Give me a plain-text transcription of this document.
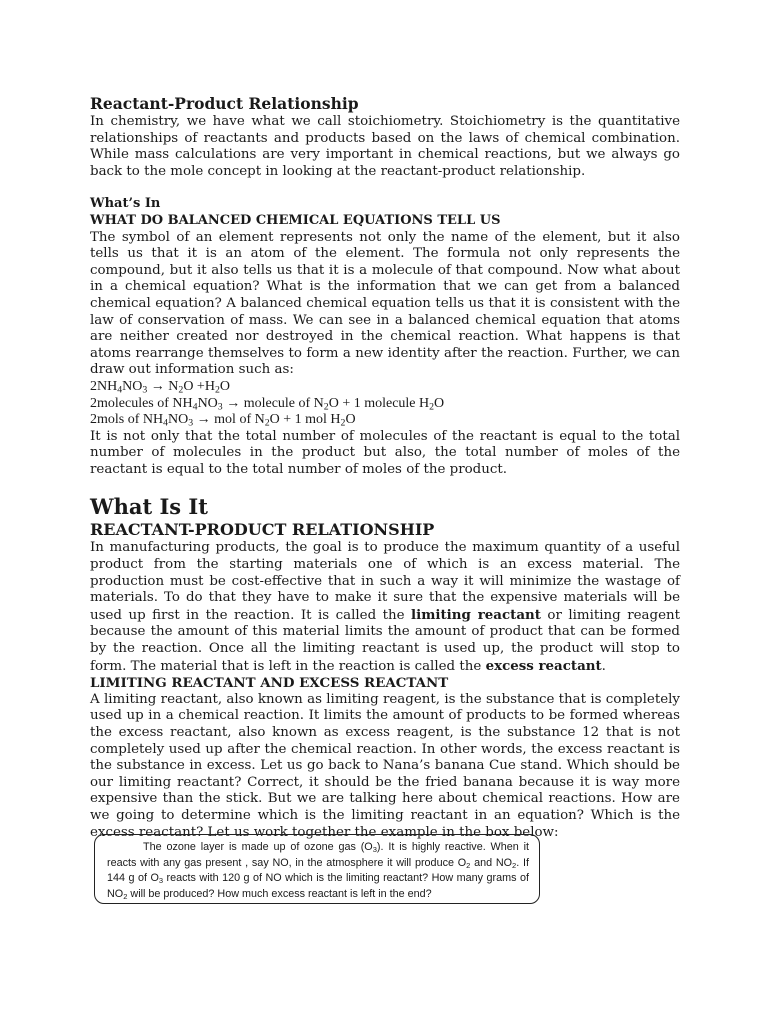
Reactant-Product Relationship

In chemistry, we have what we call stoichiometry. Stoichiometry is the quantitative relationships of reactants and products based on the laws of chemical combination. While mass calculations are very important in chemical reactions, but we always go back to the mole concept in looking at the reactant-product relationship.

What’s In

WHAT DO BALANCED CHEMICAL EQUATIONS TELL US

The symbol of an element represents not only the name of the element, but it also tells us that it is an atom of the element. The formula not only represents the compound, but it also tells us that it is a molecule of that compound. Now what about in a chemical equation? What is the information that we can get from a balanced chemical equation? A balanced chemical equation tells us that it is consistent with the law of conservation of mass. We can see in a balanced chemical equation that atoms are neither created nor destroyed in the chemical reaction. What happens is that atoms rearrange themselves to form a new identity after the reaction. Further, we can draw out information such as:

$2NH_4NO_3 \to N_2O +H_2O$

2molecules of $NH_4NO_3$ → molecule of $N_2O + 1$ molecule $H_2O$

2mols of $NH_4NO_3$ → mol of $N_2O + 1$ mol $H_2O$

It is not only that the total number of molecules of the reactant is equal to the total number of molecules in the product but also, the total number of moles of the reactant is equal to the total number of moles of the product.

What Is It

REACTANT-PRODUCT RELATIONSHIP

In manufacturing products, the goal is to produce the maximum quantity of a useful product from the starting materials one of which is an excess material. The production must be cost-effective that in such a way it will minimize the wastage of materials. To do that they have to make it sure that the expensive materials will be used up first in the reaction. It is called the limiting reactant or limiting reagent because the amount of this material limits the amount of product that can be formed by the reaction. Once all the limiting reactant is used up, the product will stop to form. The material that is left in the reaction is called the excess reactant.

LIMITING REACTANT AND EXCESS REACTANT

A limiting reactant, also known as limiting reagent, is the substance that is completely used up in a chemical reaction. It limits the amount of products to be formed whereas the excess reactant, also known as excess reagent, is the substance 12 that is not completely used up after the chemical reaction. In other words, the excess reactant is the substance in excess. Let us go back to Nana’s banana Cue stand. Which should be our limiting reactant? Correct, it should be the fried banana because it is way more expensive than the stick. But we are talking here about chemical reactions. How are we going to determine which is the limiting reactant in an equation? Which is the excess reactant? Let us work together the example in the box below:

The ozone layer is made up of ozone gas $(O_3)$. It is highly reactive. When it reacts with any gas present , say NO, in the atmosphere it will produce $O_2$ and $NO_2$. If 144 g of $O_3$ reacts with 120 g of NO which is the limiting reactant? How many grams of $NO_2$ will be produced? How much excess reactant is left in the end?
